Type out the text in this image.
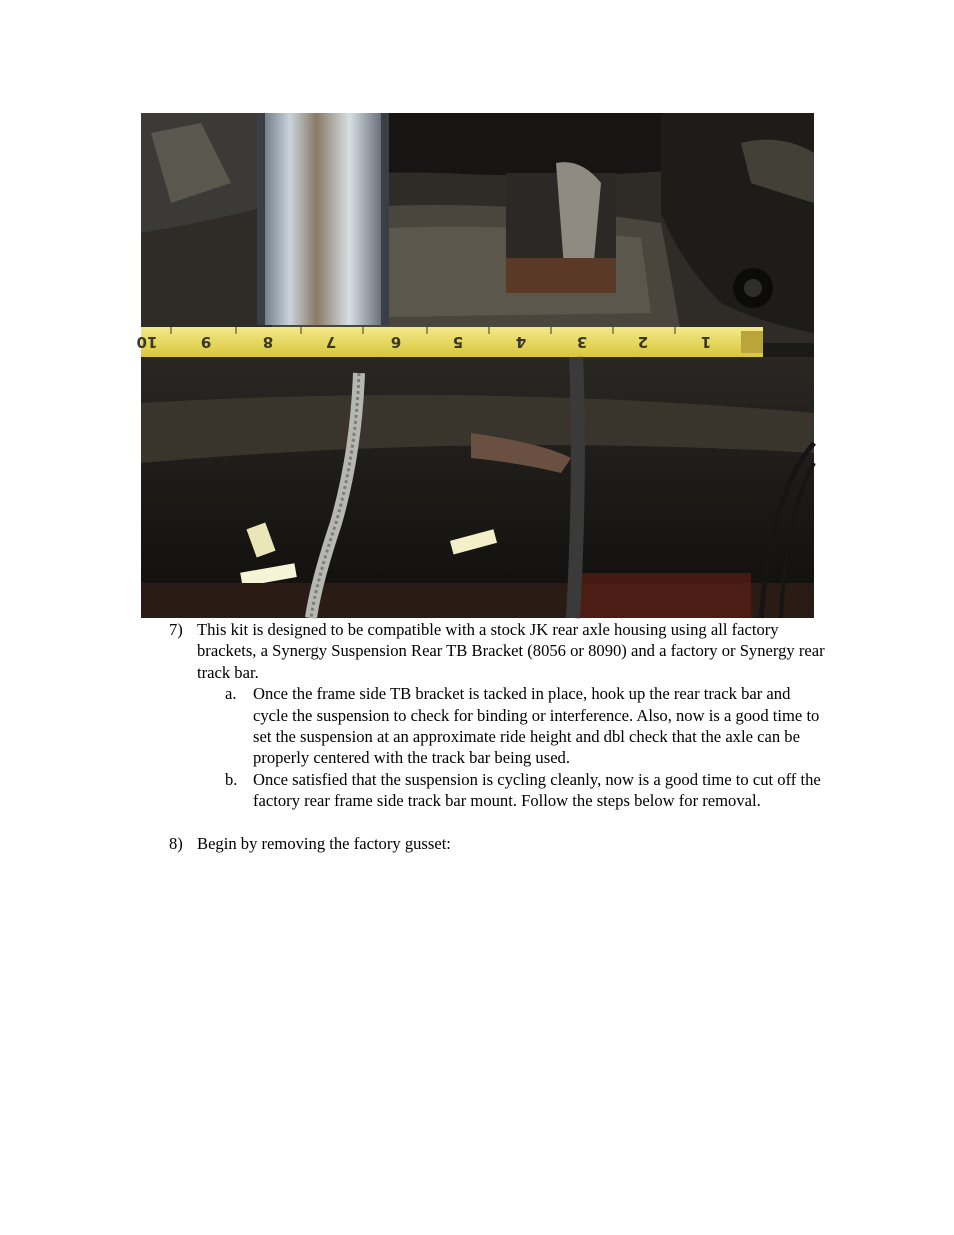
1
2
3
4
5
6
7
8
9
10
7) This kit is designed to be compatible with a stock JK rear axle housing using all factory brackets, a Synergy Suspension Rear TB Bracket (8056 or 8090) and a factory or Synergy rear track bar.
a. Once the frame side TB bracket is tacked in place, hook up the rear track bar and cycle the suspension to check for binding or interference. Also, now is a good time to set the suspension at an approximate ride height and dbl check that the axle can be properly centered with the track bar being used.
b. Once satisfied that the suspension is cycling cleanly, now is a good time to cut off the factory rear frame side track bar mount. Follow the steps below for removal.
8) Begin by removing the factory gusset:
